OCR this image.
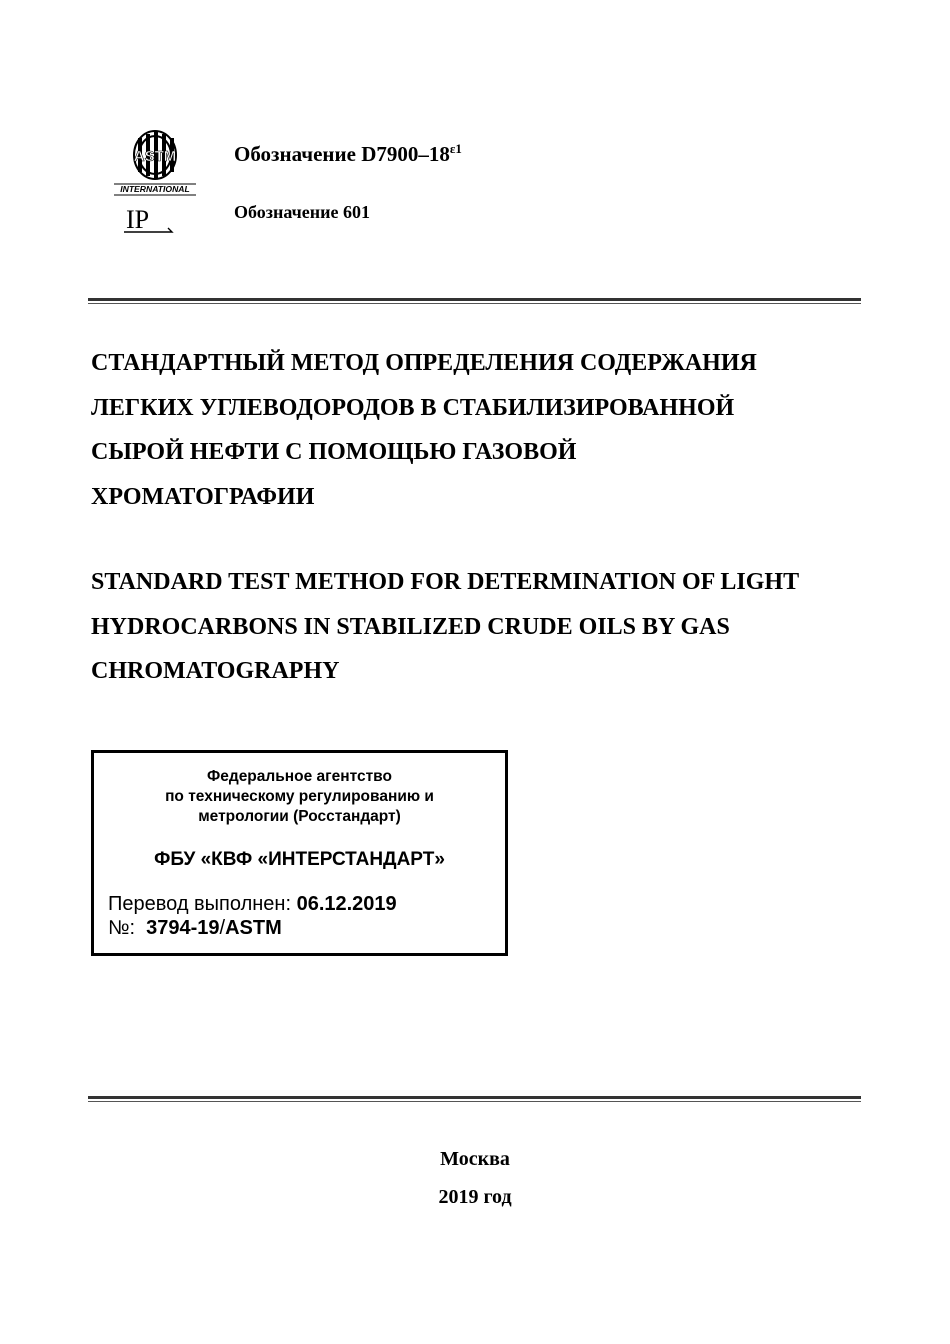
ASTM
INTERNATIONAL
IP
Обозначение $D7900-18^{\varepsilon 1}$
Обозначение 601
СТАНДАРТНЫЙ МЕТОД ОПРЕДЕЛЕНИЯ СОДЕРЖАНИЯ
ЛЕГКИХ УГЛЕВОДОРОДОВ В СТАБИЛИЗИРОВАННОЙ
СЫРОЙ НЕФТИ С ПОМОЩЬЮ ГАЗОВОЙ
ХРОМАТОГРАФИИ
STANDARD TEST METHOD FOR DETERMINATION OF LIGHT
HYDROCARBONS IN STABILIZED CRUDE OILS BY GAS
CHROMATOGRAPHY
Федеральное агентство
по техническому регулированию и
метрологии (Росстандарт)
ФБУ «КВФ «ИНТЕРСТАНДАРТ»
Перевод выполнен: 06.12.2019
№: 3794-19/ASTM
Москва
2019 год
